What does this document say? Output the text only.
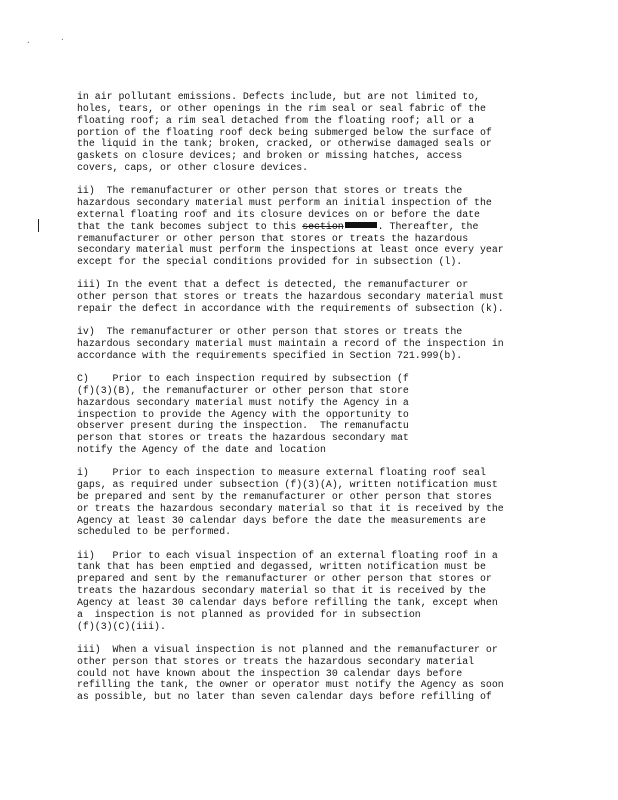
.	.
in air pollutant emissions. Defects include, but are not limited to,
holes, tears, or other openings in the rim seal or seal fabric of the
floating roof; a rim seal detached from the floating roof; all or a
portion of the floating roof deck being submerged below the surface of
the liquid in the tank; broken, cracked, or otherwise damaged seals or
gaskets on closure devices; and broken or missing hatches, access
covers, caps, or other closure devices.
ii)  The remanufacturer or other person that stores or treats the
hazardous secondary material must perform an initial inspection of the
external floating roof and its closure devices on or before the date
that the tank becomes subject to this section	. Thereafter, the
remanufacturer or other person that stores or treats the hazardous
secondary material must perform the inspections at least once every year
except for the special conditions provided for in subsection (l).
iii) In the event that a defect is detected, the remanufacturer or
other person that stores or treats the hazardous secondary material must
repair the defect in accordance with the requirements of subsection (k).
iv)  The remanufacturer or other person that stores or treats the
hazardous secondary material must maintain a record of the inspection in
accordance with the requirements specified in Section 721.999(b).
C)    Prior to each inspection required by subsection (f
(f)(3)(B), the remanufacturer or other person that store
hazardous secondary material must notify the Agency in a
inspection to provide the Agency with the opportunity to
observer present during the inspection.  The remanufactu
person that stores or treats the hazardous secondary mat
notify the Agency of the date and location
i)    Prior to each inspection to measure external floating roof seal
gaps, as required under subsection (f)(3)(A), written notification must
be prepared and sent by the remanufacturer or other person that stores
or treats the hazardous secondary material so that it is received by the
Agency at least 30 calendar days before the date the measurements are
scheduled to be performed.
ii)   Prior to each visual inspection of an external floating roof in a
tank that has been emptied and degassed, written notification must be
prepared and sent by the remanufacturer or other person that stores or
treats the hazardous secondary material so that it is received by the
Agency at least 30 calendar days before refilling the tank, except when
a  inspection is not planned as provided for in subsection
(f)(3)(C)(iii).
iii)  When a visual inspection is not planned and the remanufacturer or
other person that stores or treats the hazardous secondary material
could not have known about the inspection 30 calendar days before
refilling the tank, the owner or operator must notify the Agency as soon
as possible, but no later than seven calendar days before refilling of
